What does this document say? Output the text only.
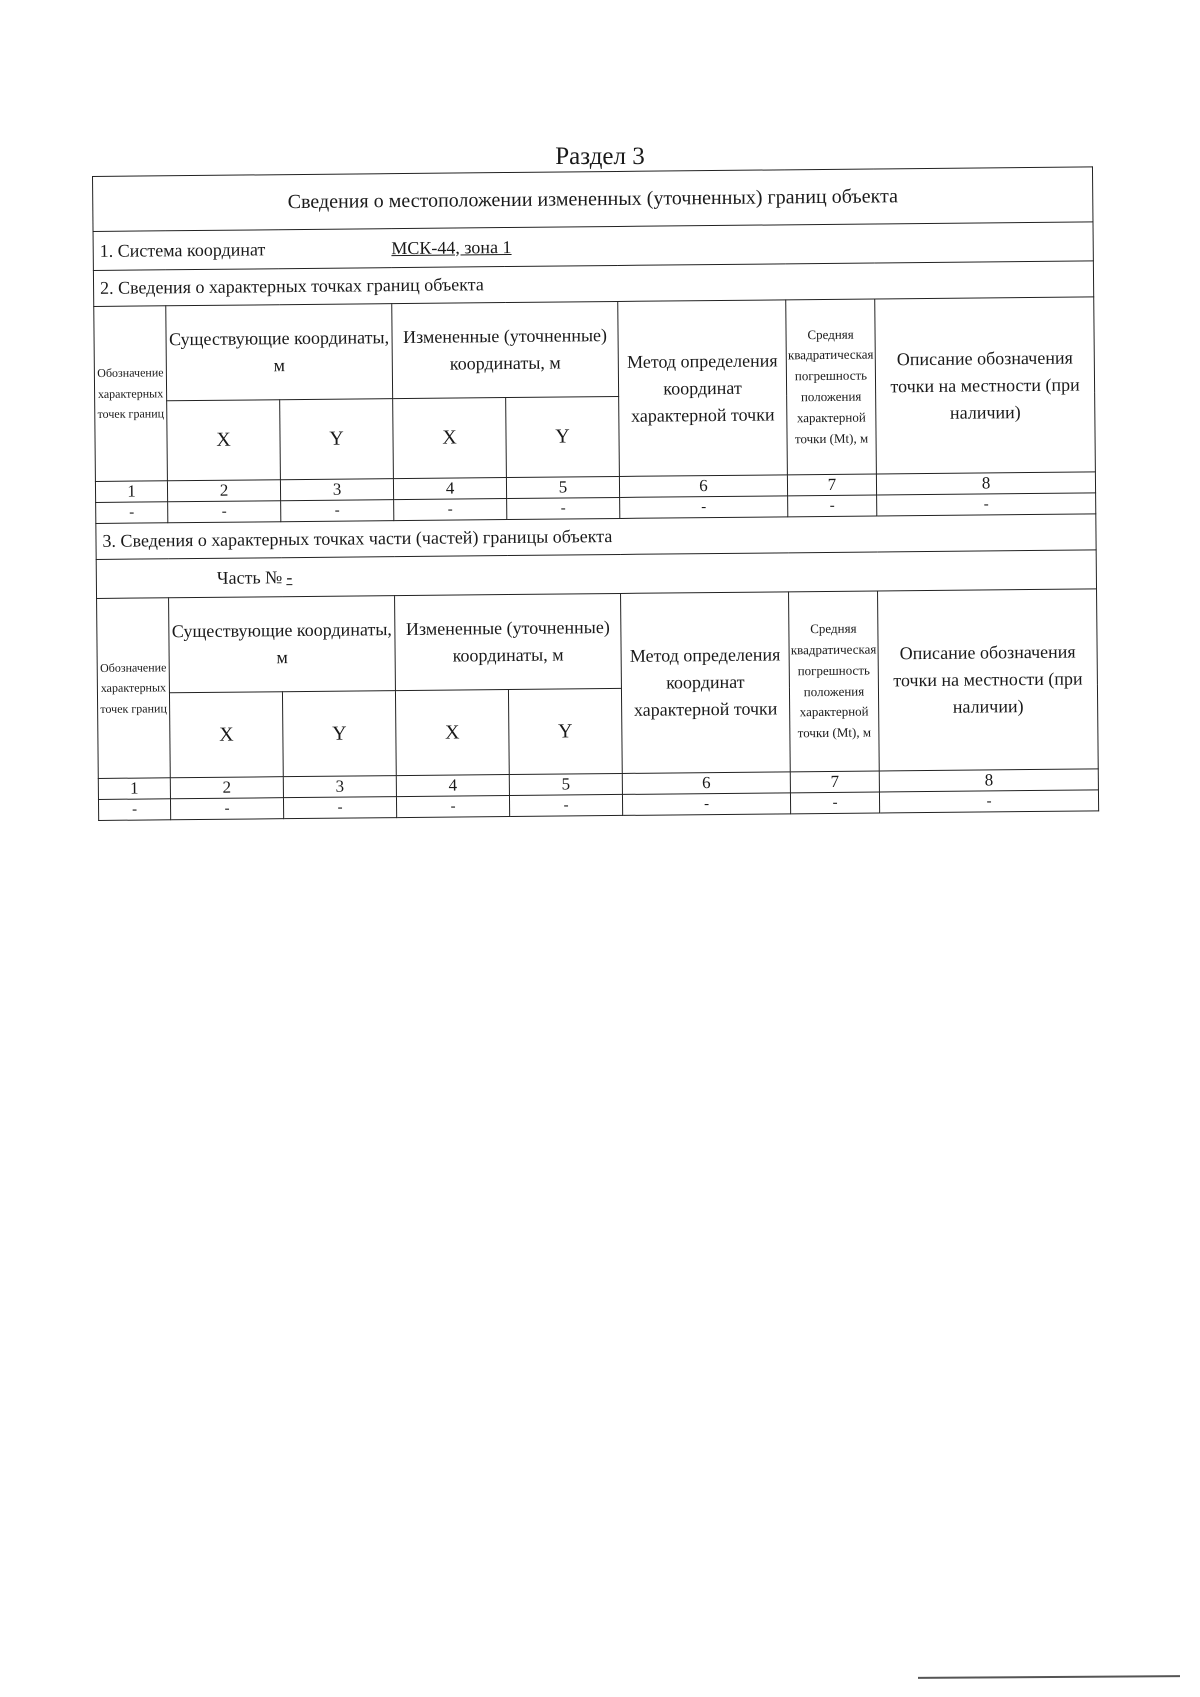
Раздел 3
Сведения о местоположении измененных (уточненных) границ объекта							
1. Система координат МСК-44, зона 1							
2. Сведения о характерных точках границ объекта							
Обозначение характерных точек границ	Существующие координаты, м		Измененные (уточненные) координаты, м		Метод определения координат характерной точки	Средняя квадратическая погрешность положения характерной точки (Mt), м	Описание обозначения точки на местности (при наличии)
	X	Y	X	Y			
1	2	3	4	5	6	7	8
-	-	-	-	-	-	-	-
3. Сведения о характерных точках части (частей) границы объекта							
Часть № -							
Обозначение характерных точек границ	Существующие координаты, м		Измененные (уточненные) координаты, м		Метод определения координат характерной точки	Средняя квадратическая погрешность положения характерной точки (Mt), м	Описание обозначения точки на местности (при наличии)
	X	Y	X	Y			
1	2	3	4	5	6	7	8
-	-	-	-	-	-	-	-
